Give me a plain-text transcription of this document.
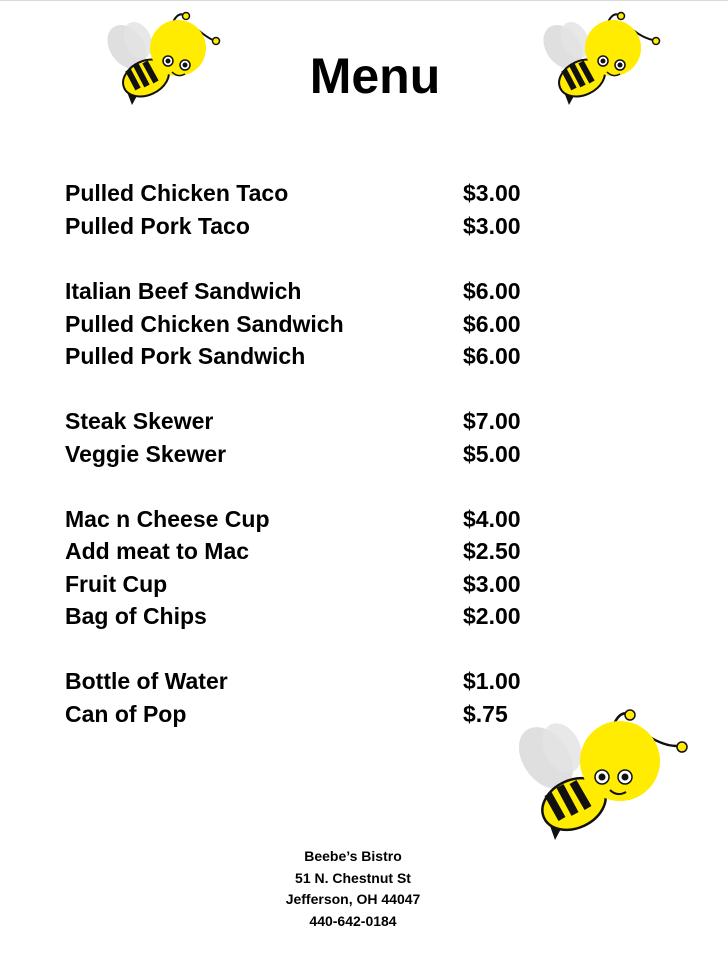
Menu
Pulled Chicken Taco	$3.00
Pulled Pork Taco	$3.00
Italian Beef Sandwich	$6.00
Pulled Chicken Sandwich	$6.00
Pulled Pork Sandwich	$6.00
Steak Skewer	$7.00
Veggie Skewer	$5.00
Mac n Cheese Cup	$4.00
Add meat to Mac	$2.50
Fruit Cup	$3.00
Bag of Chips	$2.00
Bottle of Water	$1.00
Can of Pop	$.75
Beebe’s Bistro
51 N. Chestnut St
Jefferson, OH 44047
440-642-0184
